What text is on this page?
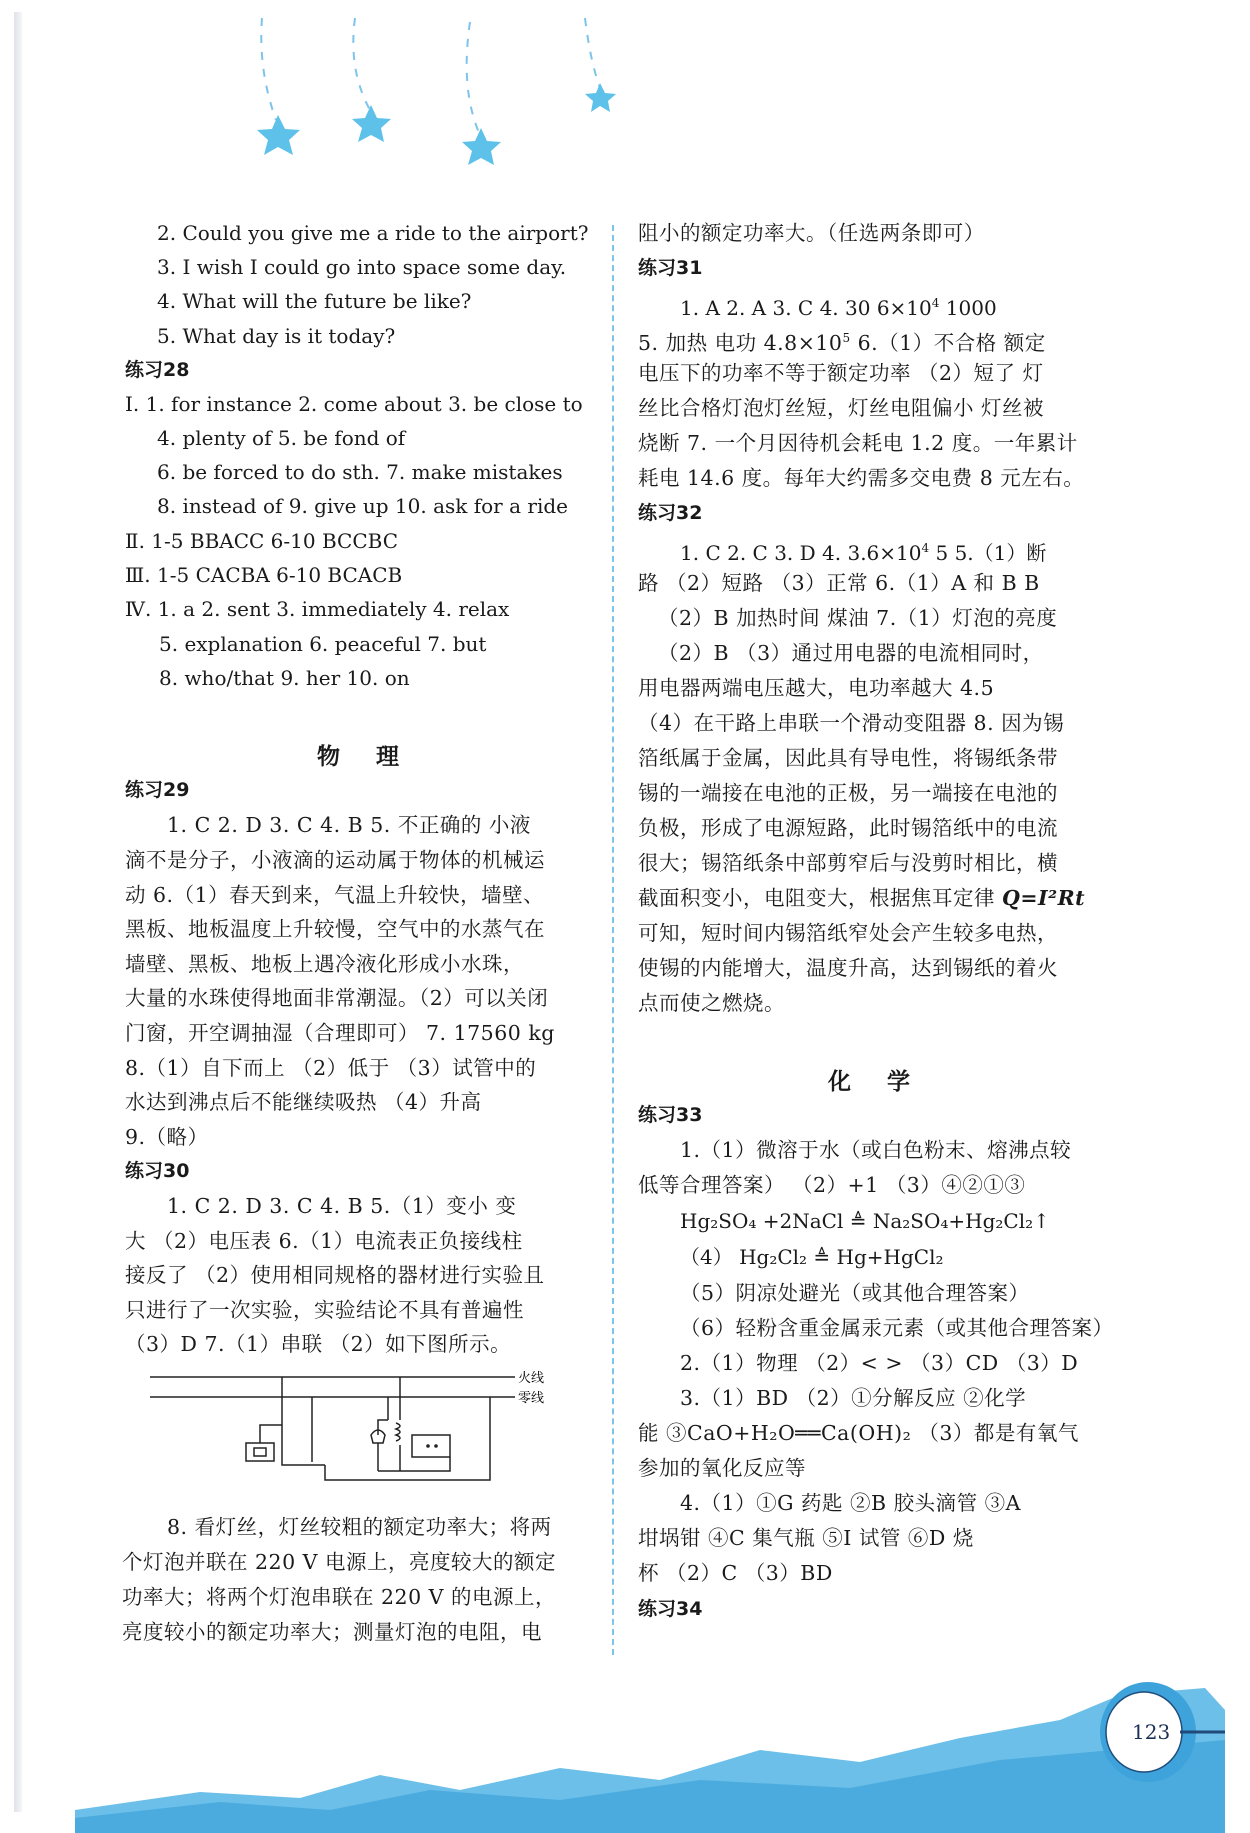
2. Could you give me a ride to the airport?
3. I wish I could go into space some day.
4. What will the future be like?
5. What day is it today?
练习28
Ⅰ. 1. for instance 2. come about 3. be close to
4. plenty of 5. be fond of
6. be forced to do sth. 7. make mistakes
8. instead of 9. give up 10. ask for a ride
Ⅱ. 1-5 BBACC 6-10 BCCBC
Ⅲ. 1-5 CACBA 6-10 BCACB
Ⅳ. 1. a 2. sent 3. immediately 4. relax
5. explanation 6. peaceful 7. but
8. who/that 9. her 10. on
物 理
练习29
1. C 2. D 3. C 4. B 5. 不正确的 小液
滴不是分子，小液滴的运动属于物体的机械运
动 6.（1）春天到来，气温上升较快，墙壁、
黑板、地板温度上升较慢，空气中的水蒸气在
墙壁、黑板、地板上遇冷液化形成小水珠，
大量的水珠使得地面非常潮湿。（2）可以关闭
门窗，开空调抽湿（合理即可） 7. 17560 kg
8.（1）自下而上 （2）低于 （3）试管中的
水达到沸点后不能继续吸热 （4）升高
9.（略）
练习30
1. C 2. D 3. C 4. B 5.（1）变小 变
大 （2）电压表 6.（1）电流表正负接线柱
接反了 （2）使用相同规格的器材进行实验且
只进行了一次实验，实验结论不具有普遍性
（3）D 7.（1）串联 （2）如下图所示。
火线
零线
8. 看灯丝，灯丝较粗的额定功率大；将两
个灯泡并联在 220 V 电源上，亮度较大的额定
功率大；将两个灯泡串联在 220 V 的电源上，
亮度较小的额定功率大；测量灯泡的电阻，电
阻小的额定功率大。（任选两条即可）
练习31
1. A 2. A 3. C 4. 30 $6\times 10^4$ 1000
5. 加热 电功 $4.8\times 10^5$ 6.（1）不合格 额定
电压下的功率不等于额定功率 （2）短了 灯
丝比合格灯泡灯丝短，灯丝电阻偏小 灯丝被
烧断 7. 一个月因待机会耗电 1.2 度。一年累计
耗电 14.6 度。每年大约需多交电费 8 元左右。
练习32
1. C 2. C 3. D 4. $3.6\times 10^4$ 5 5.（1）断
路 （2）短路 （3）正常 6.（1）A 和 B B
（2）B 加热时间 煤油 7.（1）灯泡的亮度
（2）B （3）通过用电器的电流相同时，
用电器两端电压越大，电功率越大 4.5
（4）在干路上串联一个滑动变阻器 8. 因为锡
箔纸属于金属，因此具有导电性，将锡纸条带
锡的一端接在电池的正极，另一端接在电池的
负极，形成了电源短路，此时锡箔纸中的电流
很大；锡箔纸条中部剪窄后与没剪时相比，横
截面积变小，电阻变大，根据焦耳定律 Q=I²Rt
可知，短时间内锡箔纸窄处会产生较多电热，
使锡的内能增大，温度升高，达到锡纸的着火
点而使之燃烧。
化 学
练习33
1.（1）微溶于水（或白色粉末、熔沸点较
低等合理答案） （2）+1 （3）④②①③
Hg₂SO₄ +2NaCl ≜ Na₂SO₄+Hg₂Cl₂↑
（4） Hg₂Cl₂ ≜ Hg+HgCl₂
（5）阴凉处避光（或其他合理答案）
（6）轻粉含重金属汞元素（或其他合理答案）
2.（1）物理 （2）< > （3）CD （3）D
3.（1）BD （2）①分解反应 ②化学
能 ③CaO+H₂O══Ca(OH)₂ （3）都是有氧气
参加的氧化反应等
4.（1）①G 药匙 ②B 胶头滴管 ③A
坩埚钳 ④C 集气瓶 ⑤I 试管 ⑥D 烧
杯 （2）C （3）BD
练习34
123
